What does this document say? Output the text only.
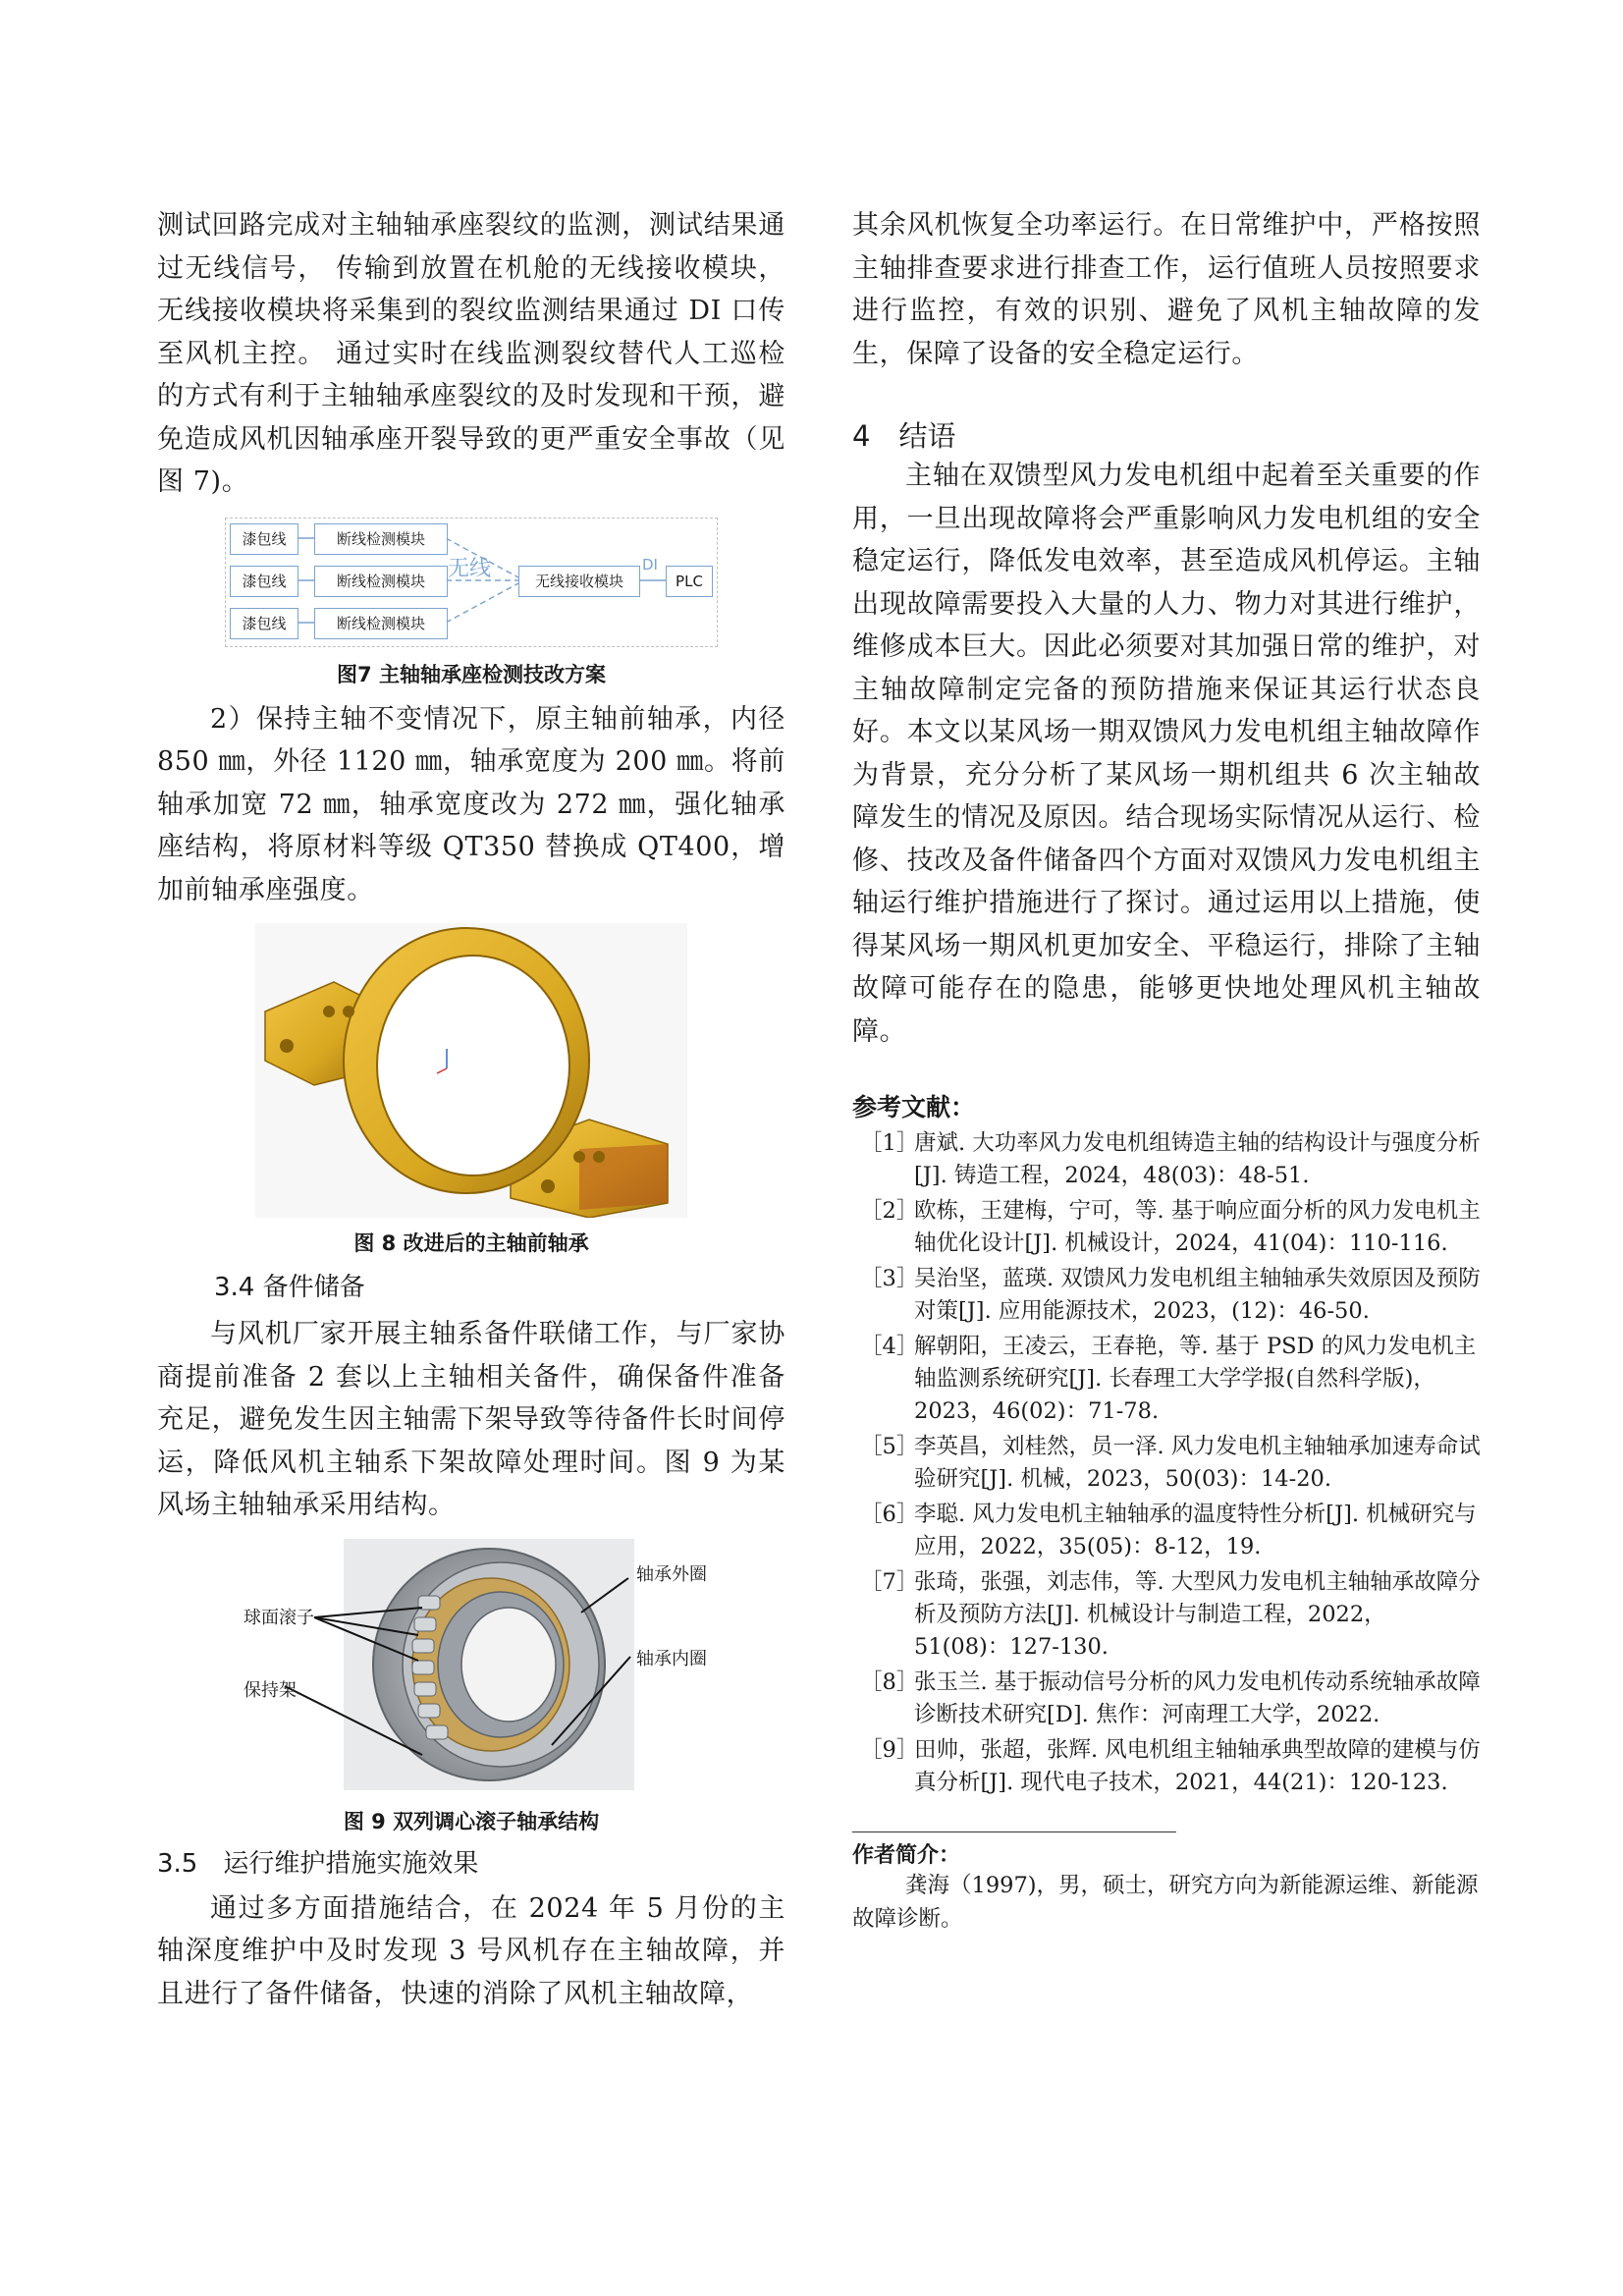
测试回路完成对主轴轴承座裂纹的监测，测试结果通过无线信号， 传输到放置在机舱的无线接收模块，无线接收模块将采集到的裂纹监测结果通过 DI 口传至风机主控。 通过实时在线监测裂纹替代人工巡检的方式有利于主轴轴承座裂纹的及时发现和干预，避免造成风机因轴承座开裂导致的更严重安全事故（见图 7)。

漆包线
漆包线
漆包线
断线检测模块
断线检测模块
断线检测模块
无线	无线接收模块
DI
PLC

图7 主轴轴承座检测技改方案

2）保持主轴不变情况下，原主轴前轴承，内径 850 ㎜，外径 1120 ㎜，轴承宽度为 200 ㎜。将前轴承加宽 72 ㎜，轴承宽度改为 272 ㎜，强化轴承座结构，将原材料等级 QT350 替换成 QT400，增加前轴承座强度。

图 8 改进后的主轴前轴承

3.4 备件储备

与风机厂家开展主轴系备件联储工作，与厂家协商提前准备 2 套以上主轴相关备件，确保备件准备充足，避免发生因主轴需下架导致等待备件长时间停运，降低风机主轴系下架故障处理时间。图 9 为某风场主轴轴承采用结构。

球面滚子
保持架
轴承外圈
轴承内圈

图 9 双列调心滚子轴承结构

3.5　运行维护措施实施效果

通过多方面措施结合，在 2024 年 5 月份的主轴深度维护中及时发现 3 号风机存在主轴故障，并且进行了备件储备，快速的消除了风机主轴故障，

其余风机恢复全功率运行。在日常维护中，严格按照主轴排查要求进行排查工作，运行值班人员按照要求进行监控，有效的识别、避免了风机主轴故障的发生，保障了设备的安全稳定运行。

4　结语

主轴在双馈型风力发电机组中起着至关重要的作用，一旦出现故障将会严重影响风力发电机组的安全稳定运行，降低发电效率，甚至造成风机停运。主轴出现故障需要投入大量的人力、物力对其进行维护，维修成本巨大。因此必须要对其加强日常的维护，对主轴故障制定完备的预防措施来保证其运行状态良好。本文以某风场一期双馈风力发电机组主轴故障作为背景，充分分析了某风场一期机组共 6 次主轴故障发生的情况及原因。结合现场实际情况从运行、检修、技改及备件储备四个方面对双馈风力发电机组主轴运行维护措施进行了探讨。通过运用以上措施，使得某风场一期风机更加安全、平稳运行，排除了主轴故障可能存在的隐患，能够更快地处理风机主轴故障。

参考文献：

［1］
唐斌. 大功率风力发电机组铸造主轴的结构设计与强度分析[J]. 铸造工程，2024，48(03)：48-51.
［2］
欧栋，王建梅，宁可，等. 基于响应面分析的风力发电机主轴优化设计[J]. 机械设计，2024，41(04)：110-116.
［3］
吴治坚，蓝瑛. 双馈风力发电机组主轴轴承失效原因及预防对策[J]. 应用能源技术，2023，(12)：46-50.
［4］
解朝阳，王凌云，王春艳，等. 基于 PSD 的风力发电机主轴监测系统研究[J]. 长春理工大学学报(自然科学版)，2023，46(02)：71-78.
［5］
李英昌，刘桂然，员一泽. 风力发电机主轴轴承加速寿命试验研究[J]. 机械，2023，50(03)：14-20.
［6］
李聪. 风力发电机主轴轴承的温度特性分析[J]. 机械研究与应用，2022，35(05)：8-12，19.
［7］
张琦，张强，刘志伟，等. 大型风力发电机主轴轴承故障分析及预防方法[J]. 机械设计与制造工程，2022，51(08)：127-130.
［8］
张玉兰. 基于振动信号分析的风力发电机传动系统轴承故障诊断技术研究[D]. 焦作：河南理工大学，2022.
［9］
田帅，张超，张辉. 风电机组主轴轴承典型故障的建模与仿真分析[J]. 现代电子技术，2021，44(21)：120-123.

作者简介：

龚海（1997)，男，硕士，研究方向为新能源运维、新能源故障诊断。
